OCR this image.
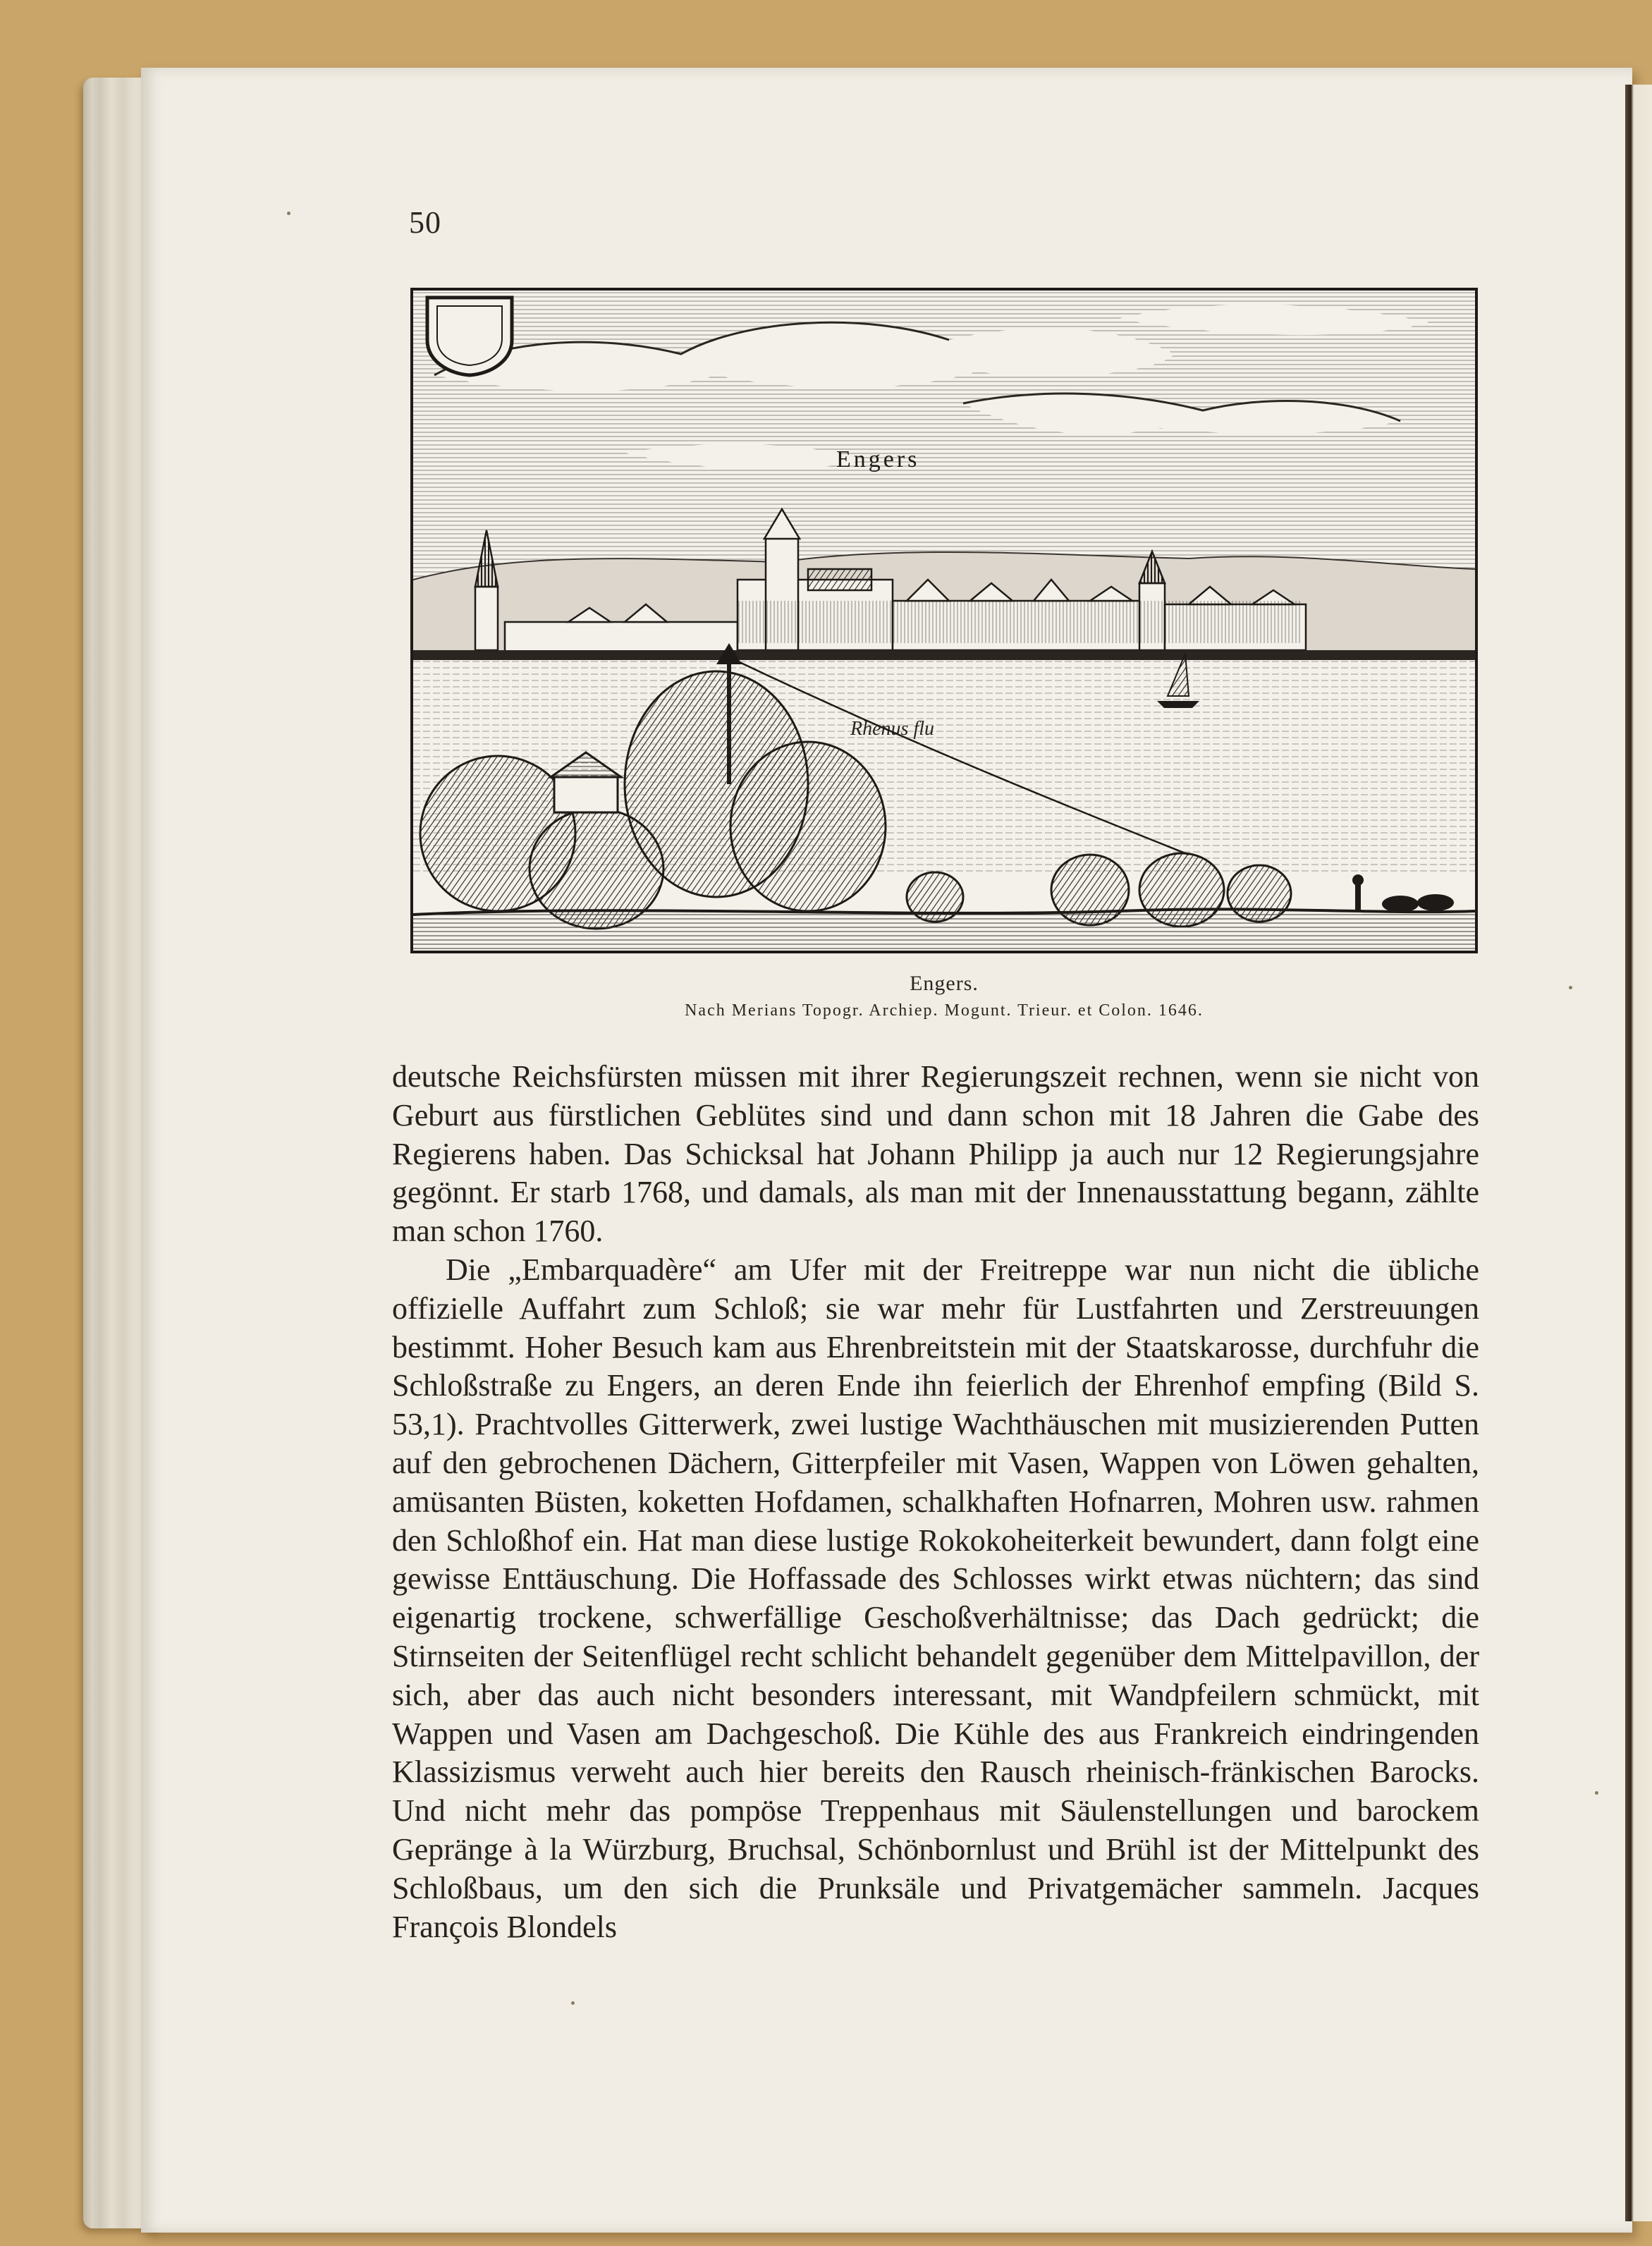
50
Engers
Rhenus flu
Engers.
Nach Merians Topogr. Archiep. Mogunt. Trieur. et Colon. 1646.

deutsche Reichsfürsten müssen mit ihrer Regierungszeit rechnen, wenn sie nicht von Geburt aus fürstlichen Geblütes sind und dann schon mit 18 Jahren die Gabe des Regierens haben. Das Schicksal hat Johann Philipp ja auch nur 12 Regierungsjahre gegönnt. Er starb 1768, und damals, als man mit der Innenausstattung begann, zählte man schon 1760.

Die „Embarquadère“ am Ufer mit der Freitreppe war nun nicht die übliche offizielle Auffahrt zum Schloß; sie war mehr für Lustfahrten und Zerstreuungen bestimmt. Hoher Besuch kam aus Ehrenbreitstein mit der Staatskarosse, durchfuhr die Schloßstraße zu Engers, an deren Ende ihn feierlich der Ehrenhof empfing (Bild S. 53,1). Prachtvolles Gitterwerk, zwei lustige Wachthäuschen mit musizierenden Putten auf den gebrochenen Dächern, Gitterpfeiler mit Vasen, Wappen von Löwen gehalten, amüsanten Büsten, koketten Hofdamen, schalkhaften Hofnarren, Mohren usw. rahmen den Schloßhof ein. Hat man diese lustige Rokokoheiterkeit bewundert, dann folgt eine gewisse Enttäuschung. Die Hoffassade des Schlosses wirkt etwas nüchtern; das sind eigenartig trockene, schwerfällige Geschoßverhältnisse; das Dach gedrückt; die Stirnseiten der Seitenflügel recht schlicht behandelt gegenüber dem Mittelpavillon, der sich, aber das auch nicht besonders interessant, mit Wandpfeilern schmückt, mit Wappen und Vasen am Dachgeschoß. Die Kühle des aus Frankreich eindringenden Klassizismus verweht auch hier bereits den Rausch rheinisch-fränkischen Barocks. Und nicht mehr das pompöse Treppenhaus mit Säulenstellungen und barockem Gepränge à la Würzburg, Bruchsal, Schönbornlust und Brühl ist der Mittelpunkt des Schloßbaus, um den sich die Prunksäle und Privatgemächer sammeln. Jacques François Blondels
